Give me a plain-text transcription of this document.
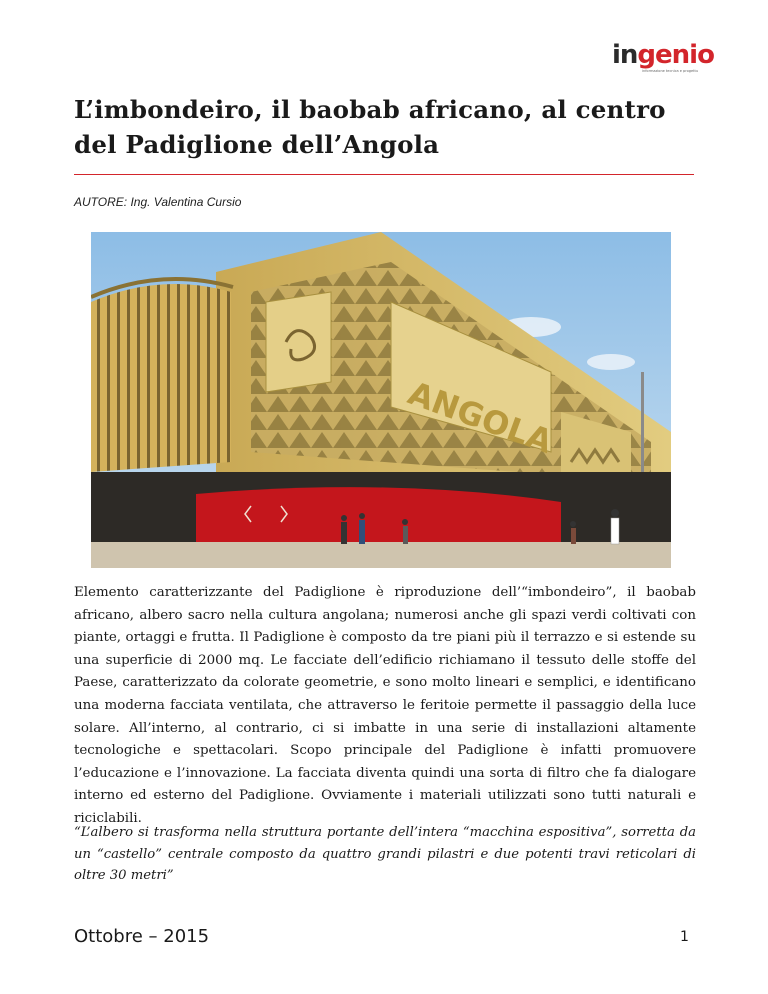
ingenio
informazione tecnica e progettuale
L’imbondeiro, il baobab africano, al centro del Padiglione dell’Angola
AUTORE: Ing. Valentina Cursio
ANGOLA

Elemento caratterizzante del Padiglione è riproduzione dell’“imbondeiro”, il baobab africano, albero sacro nella cultura angolana; numerosi anche gli spazi verdi coltivati con piante, ortaggi e frutta. Il Padiglione è composto da tre piani più il terrazzo e si estende su una superficie di 2000 mq. Le facciate dell’edificio richiamano il tessuto delle stoffe del Paese, caratterizzato da colorate geometrie, e sono molto lineari e semplici, e identificano una moderna facciata ventilata, che attraverso le feritoie permette il passaggio della luce solare. All’interno, al contrario, ci si imbatte in una serie di installazioni altamente tecnologiche e spettacolari. Scopo principale del Padiglione è infatti promuovere l’educazione e l’innovazione. La facciata diventa quindi una sorta di filtro che fa dialogare interno ed esterno del Padiglione. Ovviamente i materiali utilizzati sono tutti naturali e riciclabili.

“L’albero si trasforma nella struttura portante dell’intera “macchina espositiva”, sorretta da un “castello” centrale composto da quattro grandi pilastri e due potenti travi reticolari di oltre 30 metri”

Ottobre – 2015	1
